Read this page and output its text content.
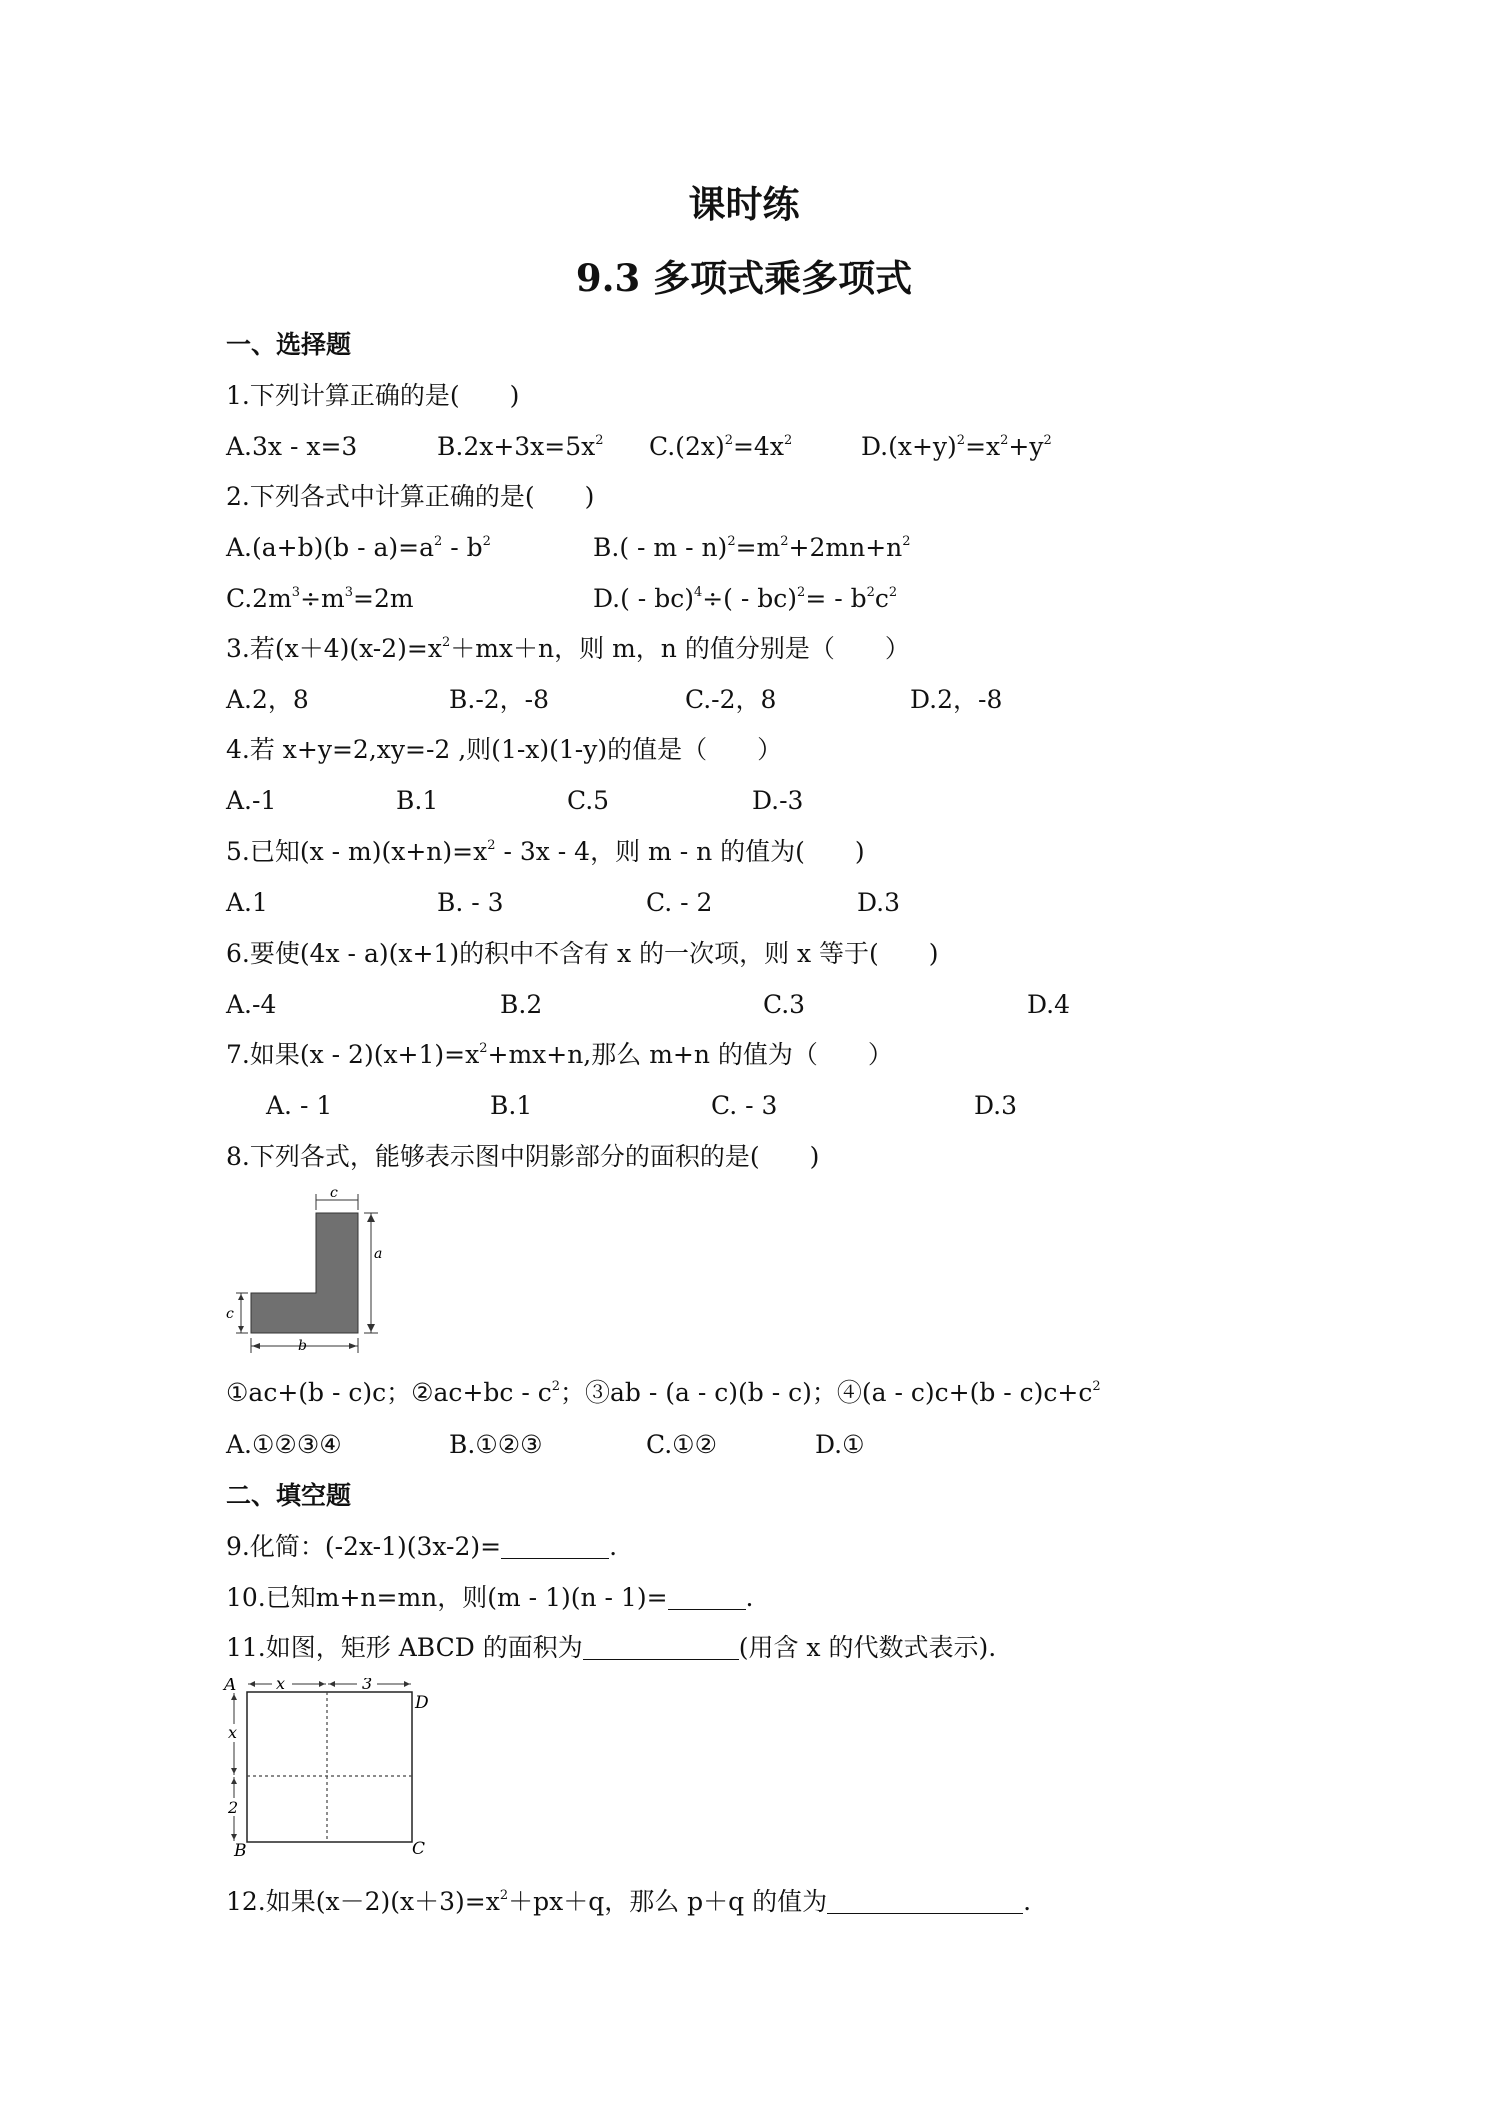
课时练
9.3 多项式乘多项式
一、选择题
1.下列计算正确的是(　　)
A.3x - x=3	$B.2x+3x=5x^2$ $C.(2x)^2=4x^2$	$D.(x+y)^2=x^2+y^2$
2.下列各式中计算正确的是(　　)
$A.(a+b)(b - a)=a^2 - b^2$	$B.( - m - n)^2=m^2+2mn+n^2$
$C.2m^3\div m^3=2m$	$D.( - bc)^4\div( - bc)^2= - b^2c^2$
3.若$(x+4)(x-2)=x^2+mx+n$，则 m，n 的值分别是（　　）
A.2，8	B.-2，-8	C.-2，8	D.2，-8
4.若 x+y=2,xy=-2 ,则(1-x)(1-y)的值是（　　）
A.-1	B.1	C.5	D.-3
5.已知$(x - m)(x+n)=x^2 - 3x - 4$，则 m - n 的值为(　　)
A.1	B. - 3	C. - 2	D.3
6.要使(4x - a)(x+1)的积中不含有 x 的一次项，则 x 等于(　　)
A.-4	B.2	C.3	D.4
7.如果$(x - 2)(x+1)=x^2+mx+n$,那么 m+n 的值为（　　）
A. - 1	B.1	C. - 3	D.3
8.下列各式，能够表示图中阴影部分的面积的是(　　)
c
a
c
b
①ac+(b - c)c；②ac+bc - $c^2$；③ab - (a - c)(b - c)；④(a - $c)c+(b - c)c+c^2$
A.①②③④	B.①②③	C.①②	D.①
二、填空题
9.化简：(-2x-1)(3x-2)=	.
10.已知m+n=mn，则(m - 1)(n - 1)=	.
11.如图，矩形 ABCD 的面积为	(用含 x 的代数式表示).
x	3
x
2
A
D
B	C
12.如果$(x-2)(x+3)=x^2+px+q$，那么 p＋q 的值为	.
